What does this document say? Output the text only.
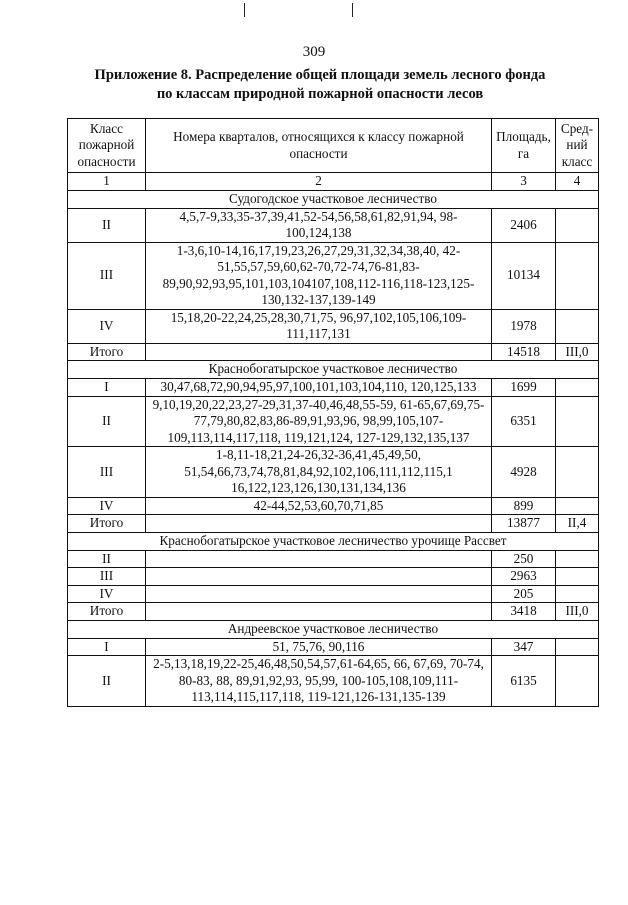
309
Приложение 8. Распределение общей площади земель лесного фонда
по классам природной пожарной опасности лесов
Класс пожарной опасности	Номера кварталов, относящихся к классу пожарной опасности	Площадь, га	Сред-ний класс
1	2	3	4
Судогодское участковое лесничество			
II	4,5,7-9,33,35-37,39,41,52-54,56,58,61,82,91,94, 98-100,124,138	2406	
III	1-3,6,10-14,16,17,19,23,26,27,29,31,32,34,38,40, 42-51,55,57,59,60,62-70,72-74,76-81,83-89,90,92,93,95,101,103,104107,108,112-116,118-123,125-130,132-137,139-149	10134	
IV	15,18,20-22,24,25,28,30,71,75, 96,97,102,105,106,109-111,117,131	1978	
Итого		14518	III,0
Краснобогатырское участковое лесничество			
I	30,47,68,72,90,94,95,97,100,101,103,104,110, 120,125,133	1699	
II	9,10,19,20,22,23,27-29,31,37-40,46,48,55-59, 61-65,67,69,75-77,79,80,82,83,86-89,91,93,96, 98,99,105,107-109,113,114,117,118, 119,121,124, 127-129,132,135,137	6351	
III	1-8,11-18,21,24-26,32-36,41,45,49,50, 51,54,66,73,74,78,81,84,92,102,106,111,112,115,1 16,122,123,126,130,131,134,136	4928	
IV	42-44,52,53,60,70,71,85	899	
Итого		13877	II,4
Краснобогатырское участковое лесничество урочище Рассвет			
II		250	
III		2963	
IV		205	
Итого		3418	III,0
Андреевское участковое лесничество			
I	51, 75,76, 90,116	347	
II	2-5,13,18,19,22-25,46,48,50,54,57,61-64,65, 66, 67,69, 70-74, 80-83, 88, 89,91,92,93, 95,99, 100-105,108,109,111-113,114,115,117,118, 119-121,126-131,135-139	6135	
